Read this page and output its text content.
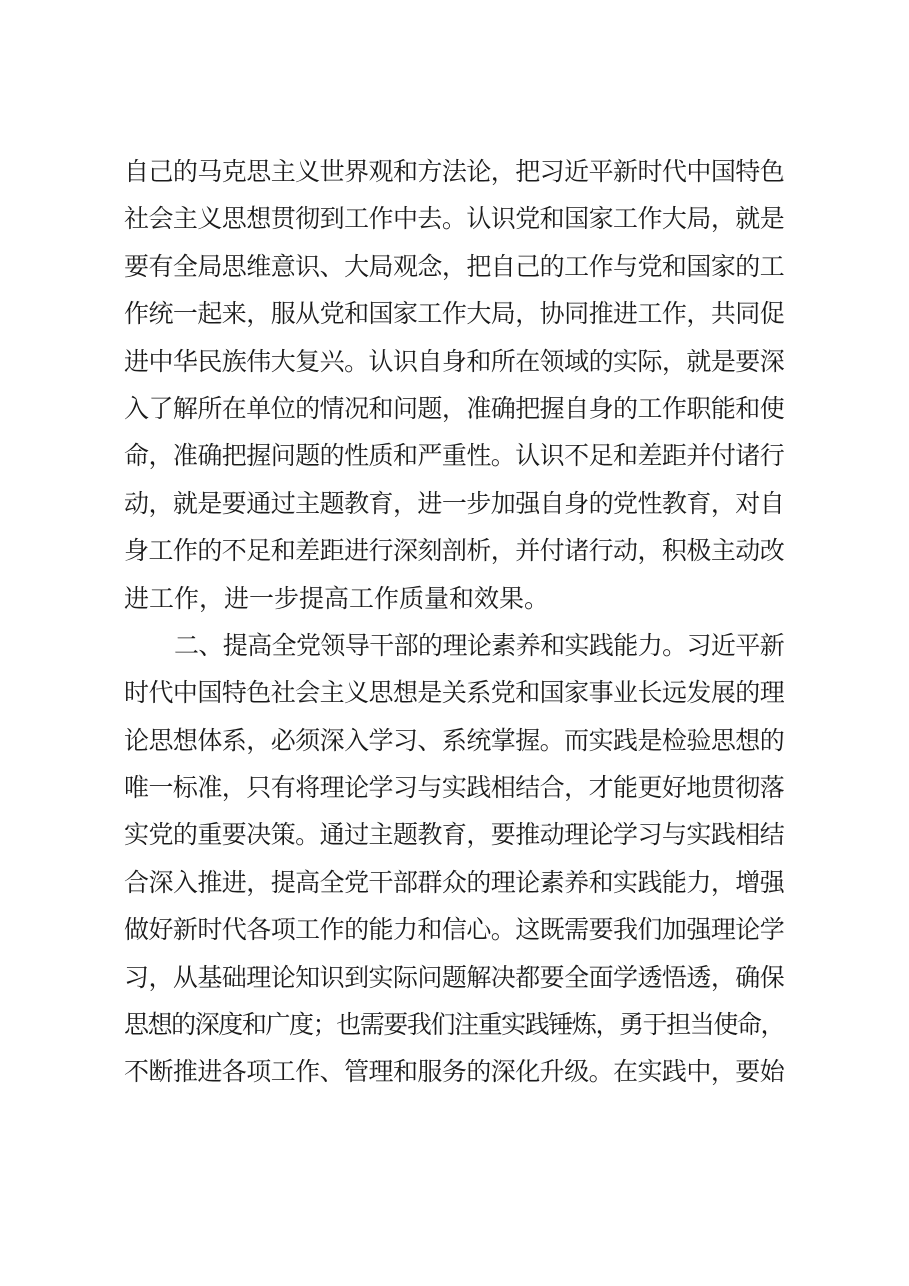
自己的马克思主义世界观和方法论，把习近平新时代中国特色
社会主义思想贯彻到工作中去。认识党和国家工作大局，就是
要有全局思维意识、大局观念，把自己的工作与党和国家的工
作统一起来，服从党和国家工作大局，协同推进工作，共同促
进中华民族伟大复兴。认识自身和所在领域的实际，就是要深
入了解所在单位的情况和问题，准确把握自身的工作职能和使
命，准确把握问题的性质和严重性。认识不足和差距并付诸行
动，就是要通过主题教育，进一步加强自身的党性教育，对自
身工作的不足和差距进行深刻剖析，并付诸行动，积极主动改
进工作，进一步提高工作质量和效果。
二、提高全党领导干部的理论素养和实践能力。习近平新
时代中国特色社会主义思想是关系党和国家事业长远发展的理
论思想体系，必须深入学习、系统掌握。而实践是检验思想的
唯一标准，只有将理论学习与实践相结合，才能更好地贯彻落
实党的重要决策。通过主题教育，要推动理论学习与实践相结
合深入推进，提高全党干部群众的理论素养和实践能力，增强
做好新时代各项工作的能力和信心。这既需要我们加强理论学
习，从基础理论知识到实际问题解决都要全面学透悟透，确保
思想的深度和广度；也需要我们注重实践锤炼，勇于担当使命，
不断推进各项工作、管理和服务的深化升级。在实践中，要始
